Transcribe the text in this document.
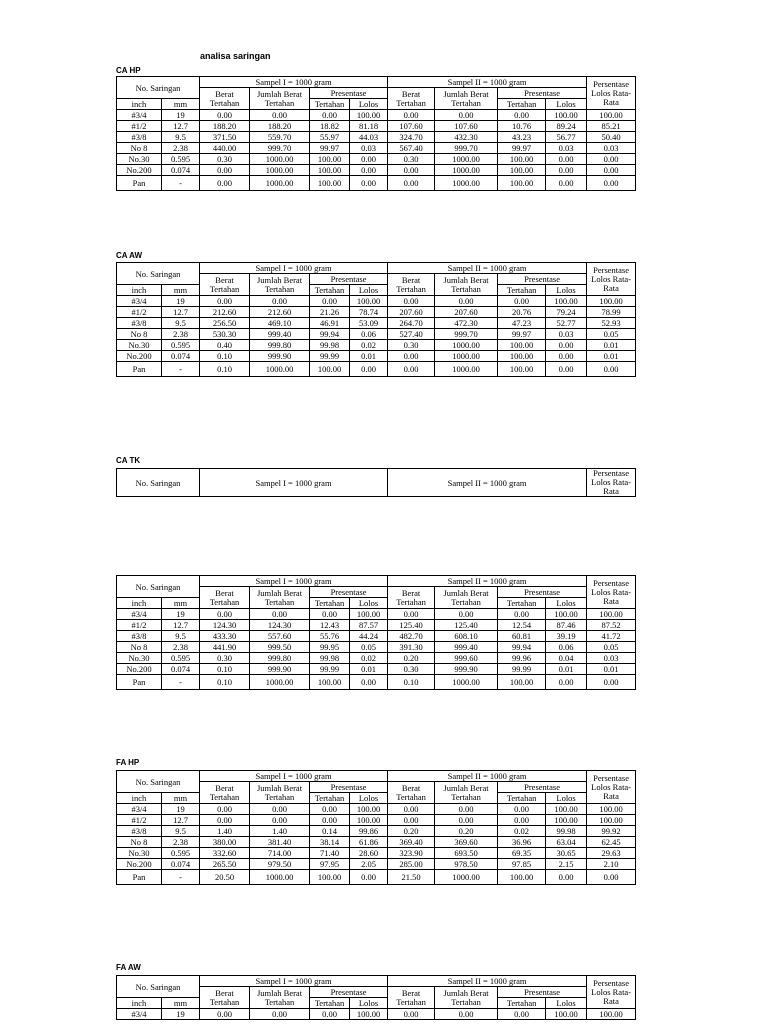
analisa saringan
CA HP
No. Saringan		Sampel I = 1000 gram				Sampel II = 1000 gram				Persentase Lolos Rata-Rata
		Berat Tertahan	Jumlah Berat Tertahan	Presentase		Berat Tertahan	Jumlah Berat Tertahan	Presentase		
inch	mm			Tertahan	Lolos			Tertahan	Lolos	
#3/4	19	0.00	0.00	0.00	100.00	0.00	0.00	0.00	100.00	100.00
#1/2	12.7	188.20	188.20	18.82	81.18	107.60	107.60	10.76	89.24	85.21
#3/8	9.5	371.50	559.70	55.97	44.03	324.70	432.30	43.23	56.77	50.40
No 8	2.38	440.00	999.70	99.97	0.03	567.40	999.70	99.97	0.03	0.03
No.30	0.595	0.30	1000.00	100.00	0.00	0.30	1000.00	100.00	0.00	0.00
No.200	0.074	0.00	1000.00	100.00	0.00	0.00	1000.00	100.00	0.00	0.00
Pan	-	0.00	1000.00	100.00	0.00	0.00	1000.00	100.00	0.00	0.00
CA AW
No. Saringan		Sampel I = 1000 gram				Sampel II = 1000 gram				Persentase Lolos Rata-Rata
		Berat Tertahan	Jumlah Berat Tertahan	Presentase		Berat Tertahan	Jumlah Berat Tertahan	Presentase		
inch	mm			Tertahan	Lolos			Tertahan	Lolos	
#3/4	19	0.00	0.00	0.00	100.00	0.00	0.00	0.00	100.00	100.00
#1/2	12.7	212.60	212.60	21.26	78.74	207.60	207.60	20.76	79.24	78.99
#3/8	9.5	256.50	469.10	46.91	53.09	264.70	472.30	47.23	52.77	52.93
No 8	2.38	530.30	999.40	99.94	0.06	527.40	999.70	99.97	0.03	0.05
No.30	0.595	0.40	999.80	99.98	0.02	0.30	1000.00	100.00	0.00	0.01
No.200	0.074	0.10	999.90	99.99	0.01	0.00	1000.00	100.00	0.00	0.01
Pan	-	0.10	1000.00	100.00	0.00	0.00	1000.00	100.00	0.00	0.00
CA TK
No. Saringan	Sampel I = 1000 gram	Sampel II = 1000 gram	Persentase Lolos Rata-Rata
No. Saringan		Sampel I = 1000 gram				Sampel II = 1000 gram				Persentase Lolos Rata-Rata
		Berat Tertahan	Jumlah Berat Tertahan	Presentase		Berat Tertahan	Jumlah Berat Tertahan	Presentase		
inch	mm			Tertahan	Lolos			Tertahan	Lolos	
#3/4	19	0.00	0.00	0.00	100.00	0.00	0.00	0.00	100.00	100.00
#1/2	12.7	124.30	124.30	12.43	87.57	125.40	125.40	12.54	87.46	87.52
#3/8	9.5	433.30	557.60	55.76	44.24	482.70	608.10	60.81	39.19	41.72
No 8	2.38	441.90	999.50	99.95	0.05	391.30	999.40	99.94	0.06	0.05
No.30	0.595	0.30	999.80	99.98	0.02	0.20	999.60	99.96	0.04	0.03
No.200	0.074	0.10	999.90	99.99	0.01	0.30	999.90	99.99	0.01	0.01
Pan	-	0.10	1000.00	100.00	0.00	0.10	1000.00	100.00	0.00	0.00
FA HP
No. Saringan		Sampel I = 1000 gram				Sampel II = 1000 gram				Persentase Lolos Rata-Rata
		Berat Tertahan	Jumlah Berat Tertahan	Presentase		Berat Tertahan	Jumlah Berat Tertahan	Presentase		
inch	mm			Tertahan	Lolos			Tertahan	Lolos	
#3/4	19	0.00	0.00	0.00	100.00	0.00	0.00	0.00	100.00	100.00
#1/2	12.7	0.00	0.00	0.00	100.00	0.00	0.00	0.00	100.00	100.00
#3/8	9.5	1.40	1.40	0.14	99.86	0.20	0.20	0.02	99.98	99.92
No 8	2.38	380.00	381.40	38.14	61.86	369.40	369.60	36.96	63.04	62.45
No.30	0.595	332.60	714.00	71.40	28.60	323.90	693.50	69.35	30.65	29.63
No.200	0.074	265.50	979.50	97.95	2.05	285.00	978.50	97.85	2.15	2.10
Pan	-	20.50	1000.00	100.00	0.00	21.50	1000.00	100.00	0.00	0.00
FA AW
No. Saringan		Sampel I = 1000 gram				Sampel II = 1000 gram				Persentase Lolos Rata-Rata
		Berat Tertahan	Jumlah Berat Tertahan	Presentase		Berat Tertahan	Jumlah Berat Tertahan	Presentase		
inch	mm			Tertahan	Lolos			Tertahan	Lolos	
#3/4	19	0.00	0.00	0.00	100.00	0.00	0.00	0.00	100.00	100.00
